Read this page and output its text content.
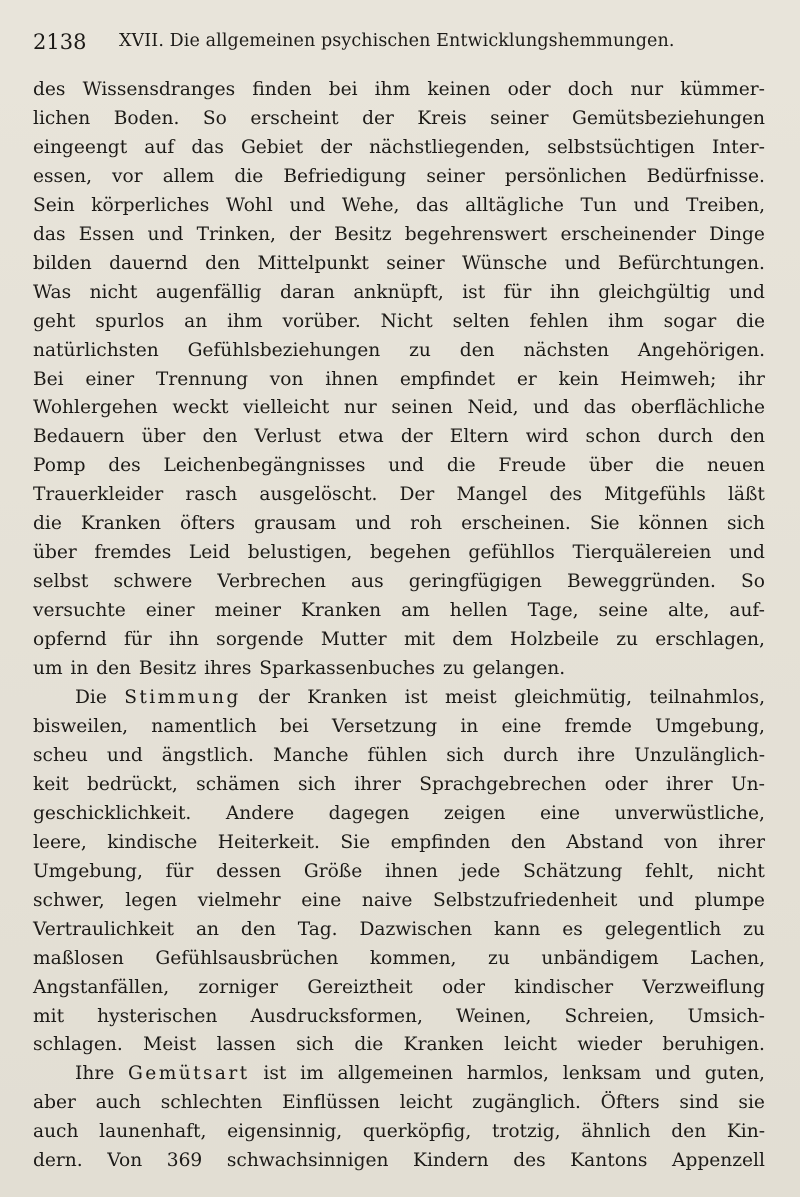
2138 XVII. Die allgemeinen psychischen Entwicklungshemmungen.
des Wissensdranges finden bei ihm keinen oder doch nur kümmer-
lichen Boden. So erscheint der Kreis seiner Gemütsbeziehungen
eingeengt auf das Gebiet der nächstliegenden, selbstsüchtigen Inter-
essen, vor allem die Befriedigung seiner persönlichen Bedürfnisse.
Sein körperliches Wohl und Wehe, das alltägliche Tun und Treiben,
das Essen und Trinken, der Besitz begehrenswert erscheinender Dinge
bilden dauernd den Mittelpunkt seiner Wünsche und Befürchtungen.
Was nicht augenfällig daran anknüpft, ist für ihn gleichgültig und
geht spurlos an ihm vorüber. Nicht selten fehlen ihm sogar die
natürlichsten Gefühlsbeziehungen zu den nächsten Angehörigen.
Bei einer Trennung von ihnen empfindet er kein Heimweh; ihr
Wohlergehen weckt vielleicht nur seinen Neid, und das oberflächliche
Bedauern über den Verlust etwa der Eltern wird schon durch den
Pomp des Leichenbegängnisses und die Freude über die neuen
Trauerkleider rasch ausgelöscht. Der Mangel des Mitgefühls läßt
die Kranken öfters grausam und roh erscheinen. Sie können sich
über fremdes Leid belustigen, begehen gefühllos Tierquälereien und
selbst schwere Verbrechen aus geringfügigen Beweggründen. So
versuchte einer meiner Kranken am hellen Tage, seine alte, auf-
opfernd für ihn sorgende Mutter mit dem Holzbeile zu erschlagen,
um in den Besitz ihres Sparkassenbuches zu gelangen.
Die Stimmung der Kranken ist meist gleichmütig, teilnahmlos,
bisweilen, namentlich bei Versetzung in eine fremde Umgebung,
scheu und ängstlich. Manche fühlen sich durch ihre Unzulänglich-
keit bedrückt, schämen sich ihrer Sprachgebrechen oder ihrer Un-
geschicklichkeit. Andere dagegen zeigen eine unverwüstliche,
leere, kindische Heiterkeit. Sie empfinden den Abstand von ihrer
Umgebung, für dessen Größe ihnen jede Schätzung fehlt, nicht
schwer, legen vielmehr eine naive Selbstzufriedenheit und plumpe
Vertraulichkeit an den Tag. Dazwischen kann es gelegentlich zu
maßlosen Gefühlsausbrüchen kommen, zu unbändigem Lachen,
Angstanfällen, zorniger Gereiztheit oder kindischer Verzweiflung
mit hysterischen Ausdrucksformen, Weinen, Schreien, Umsich-
schlagen. Meist lassen sich die Kranken leicht wieder beruhigen.
Ihre Gemütsart ist im allgemeinen harmlos, lenksam und guten,
aber auch schlechten Einflüssen leicht zugänglich. Öfters sind sie
auch launenhaft, eigensinnig, querköpfig, trotzig, ähnlich den Kin-
dern. Von 369 schwachsinnigen Kindern des Kantons Appenzell
